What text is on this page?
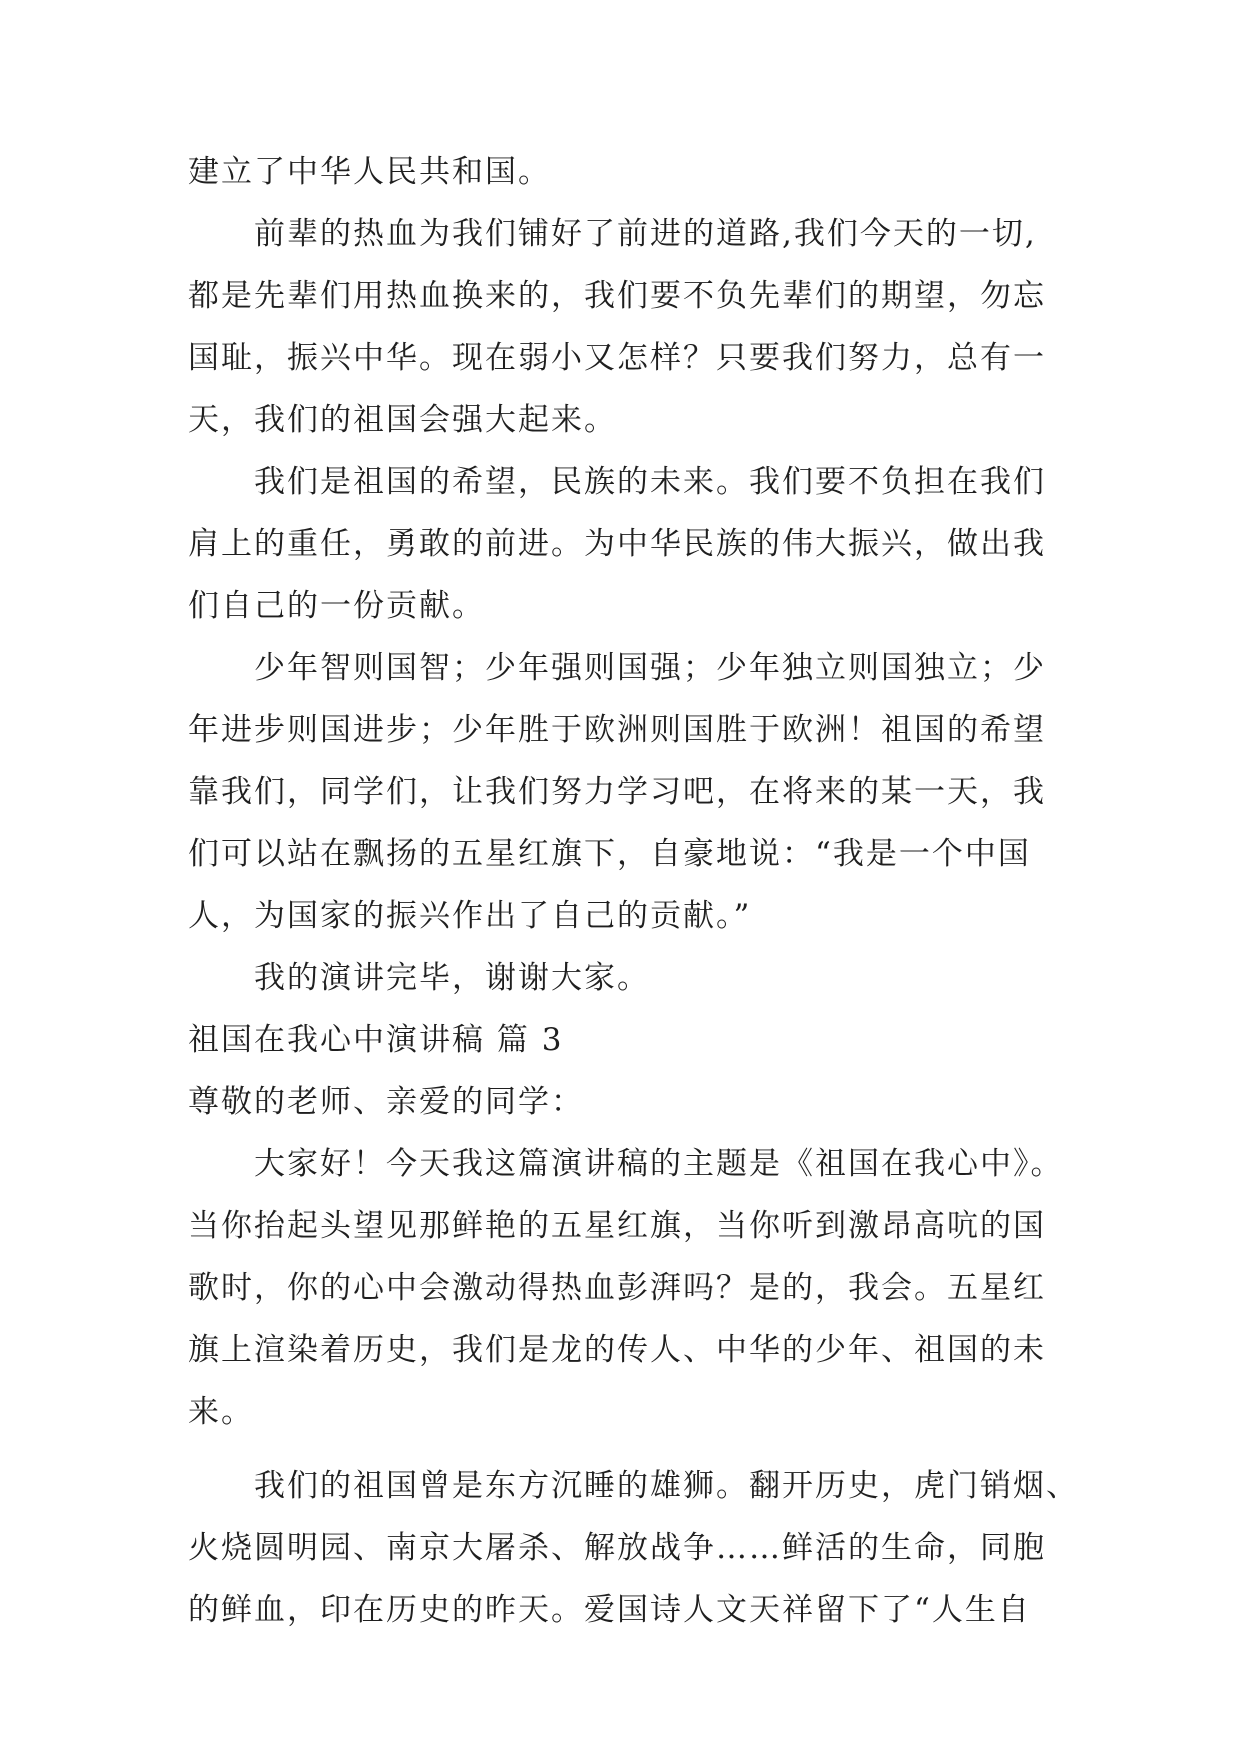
建立了中华人民共和国。
前辈的热血为我们铺好了前进的道路,我们今天的一切,
都是先辈们用热血换来的，我们要不负先辈们的期望，勿忘
国耻，振兴中华。现在弱小又怎样？只要我们努力，总有一
天，我们的祖国会强大起来。
我们是祖国的希望，民族的未来。我们要不负担在我们
肩上的重任，勇敢的前进。为中华民族的伟大振兴，做出我
们自己的一份贡献。
少年智则国智；少年强则国强；少年独立则国独立；少
年进步则国进步；少年胜于欧洲则国胜于欧洲！祖国的希望
靠我们，同学们，让我们努力学习吧，在将来的某一天，我
们可以站在飘扬的五星红旗下，自豪地说：“我是一个中国
人，为国家的振兴作出了自己的贡献。”
我的演讲完毕，谢谢大家。
祖国在我心中演讲稿 篇 3
尊敬的老师、亲爱的同学：
大家好！今天我这篇演讲稿的主题是《祖国在我心中》。
当你抬起头望见那鲜艳的五星红旗，当你听到激昂高吭的国
歌时，你的心中会激动得热血彭湃吗？是的，我会。五星红
旗上渲染着历史，我们是龙的传人、中华的少年、祖国的未
来。
我们的祖国曾是东方沉睡的雄狮。翻开历史，虎门销烟、
火烧圆明园、南京大屠杀、解放战争……鲜活的生命，同胞
的鲜血，印在历史的昨天。爱国诗人文天祥留下了“人生自
